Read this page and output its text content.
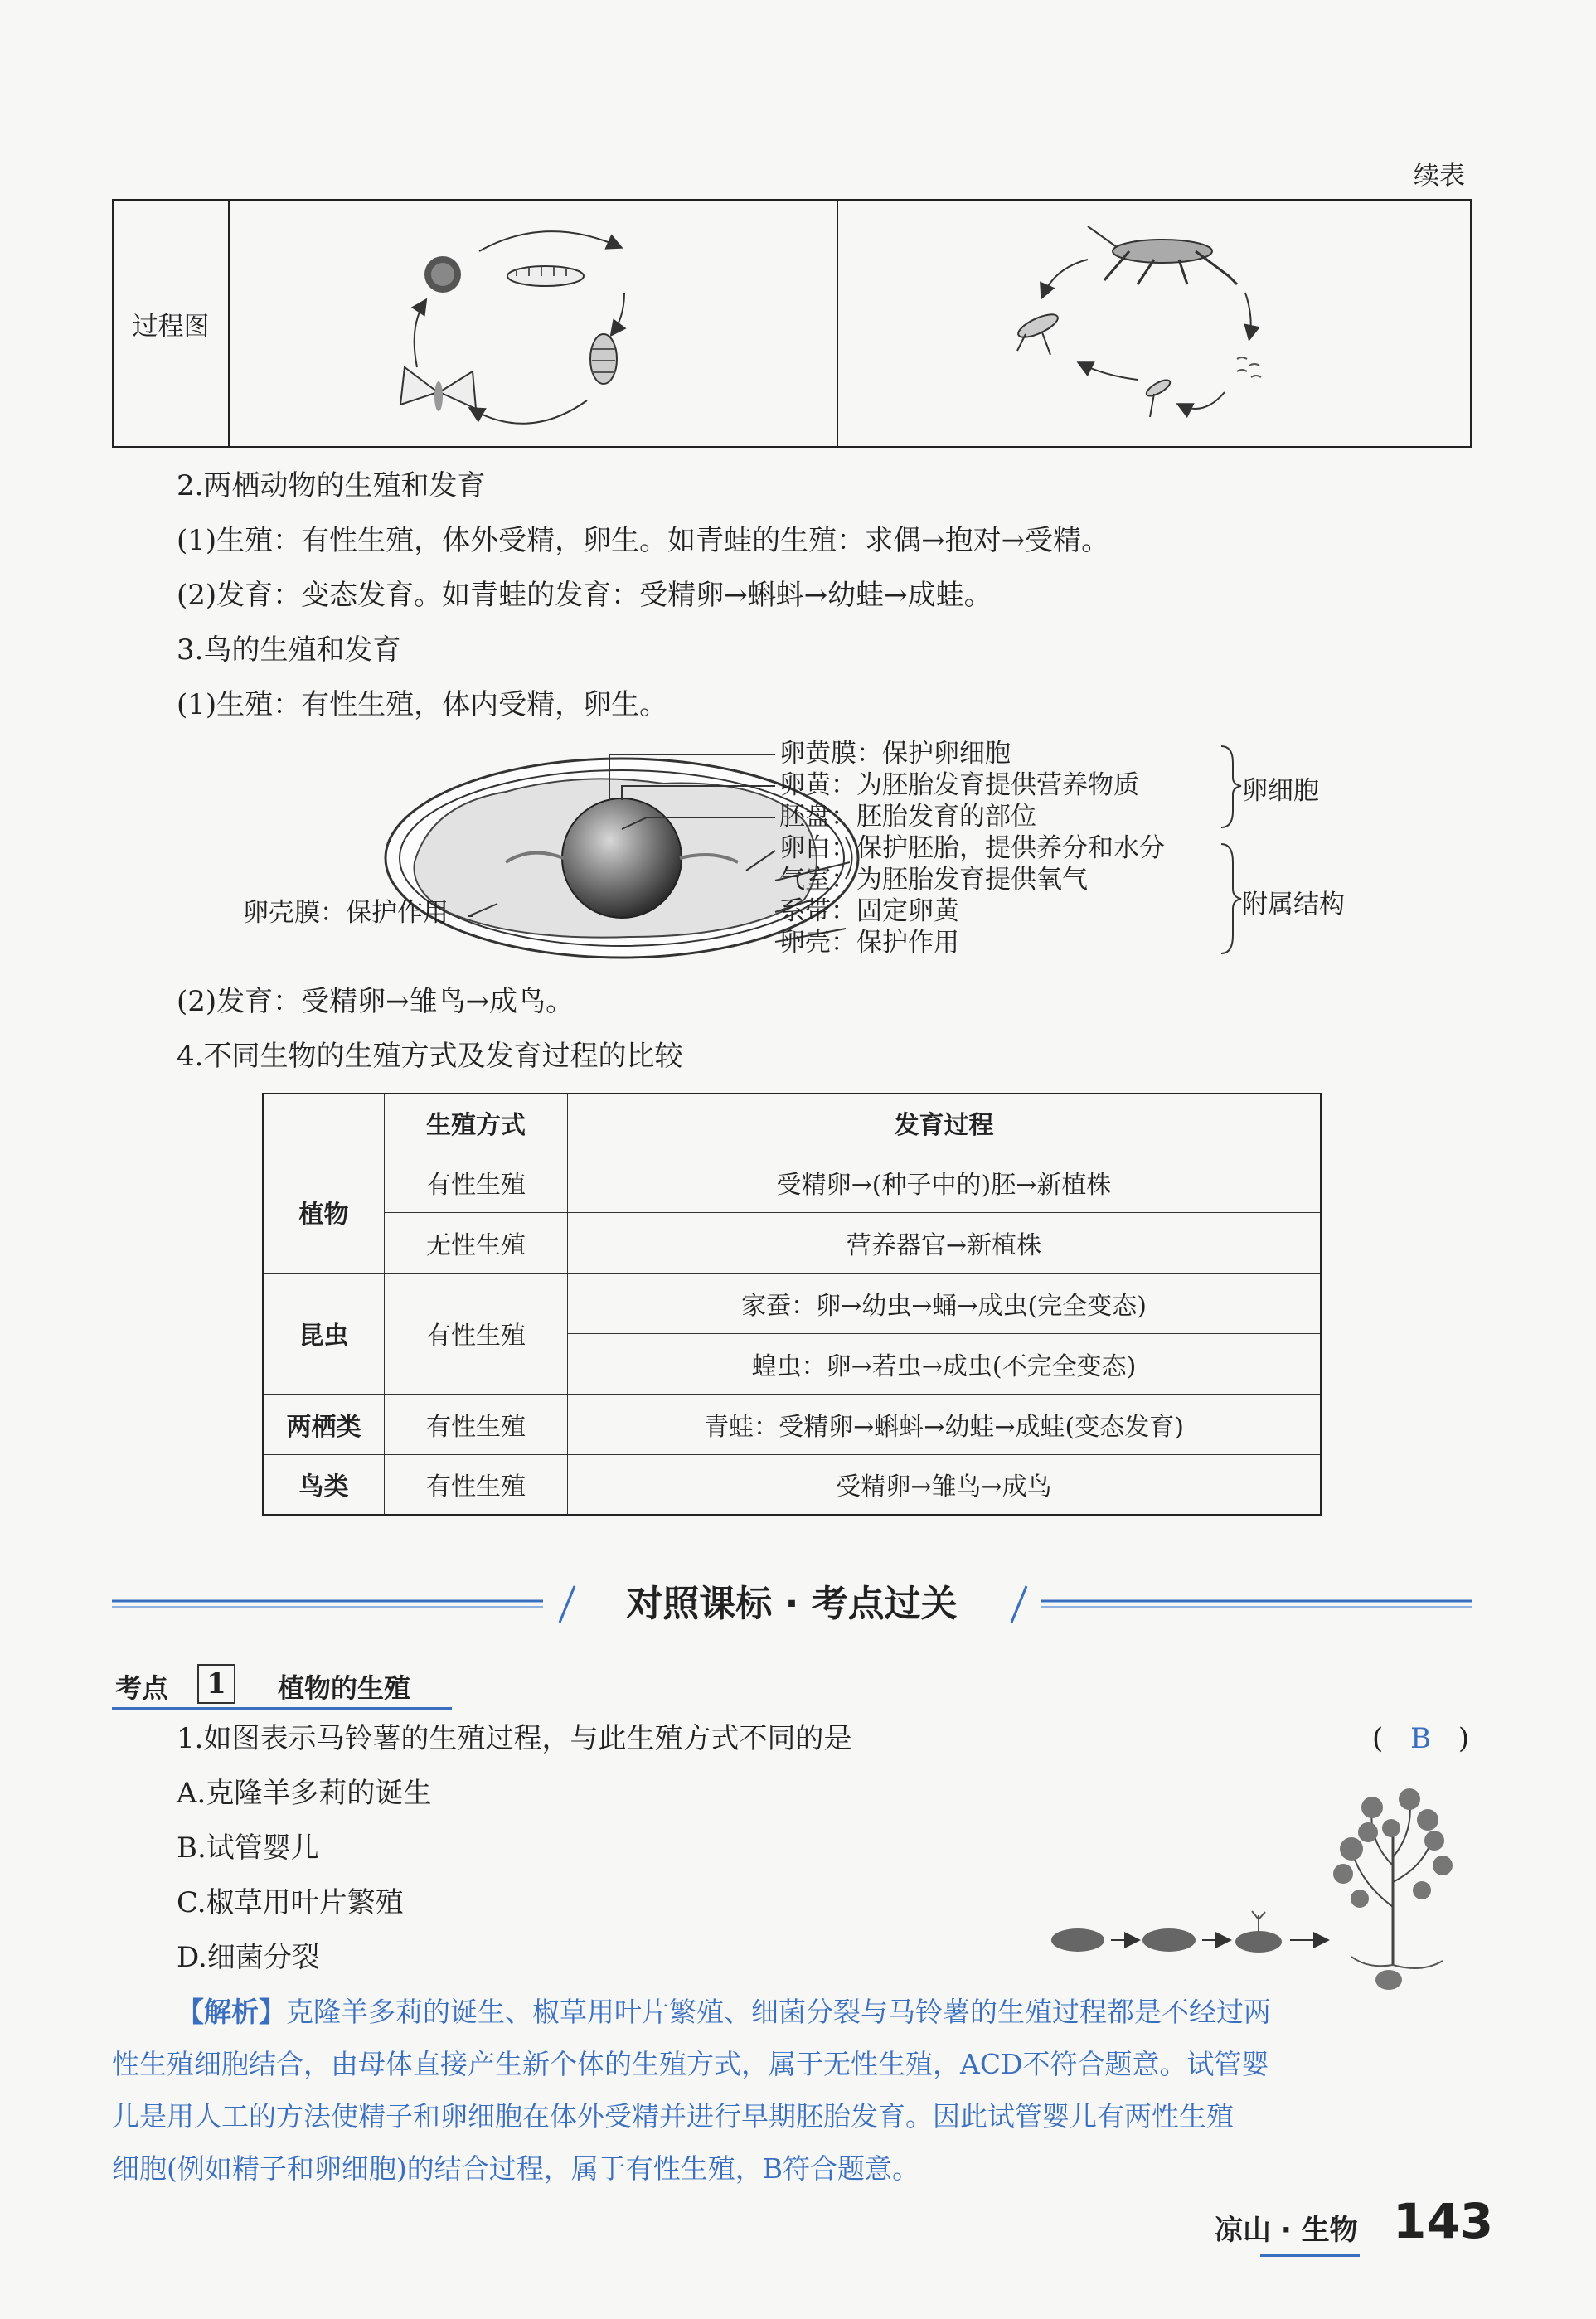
续表
过程图		
2.两栖动物的生殖和发育
(1)生殖：有性生殖，体外受精，卵生。如青蛙的生殖：求偶→抱对→受精。
(2)发育：变态发育。如青蛙的发育：受精卵→蝌蚪→幼蛙→成蛙。
3.鸟的生殖和发育
(1)生殖：有性生殖，体内受精，卵生。
卵壳膜：保护作用
卵黄膜：保护卵细胞
卵黄：为胚胎发育提供营养物质
胚盘：胚胎发育的部位
卵白：保护胚胎，提供养分和水分
气室：为胚胎发育提供氧气
系带：固定卵黄
卵壳：保护作用
卵细胞
附属结构
(2)发育：受精卵→雏鸟→成鸟。
4.不同生物的生殖方式及发育过程的比较
	生殖方式	发育过程
植物	有性生殖	受精卵→(种子中的)胚→新植株
	无性生殖	营养器官→新植株
昆虫	有性生殖	家蚕：卵→幼虫→蛹→成虫(完全变态)
		蝗虫：卵→若虫→成虫(不完全变态)
两栖类	有性生殖	青蛙：受精卵→蝌蚪→幼蛙→成蛙(变态发育)
鸟类	有性生殖	受精卵→雏鸟→成鸟
对照课标 · 考点过关
考点	1	植物的生殖
1.如图表示马铃薯的生殖过程，与此生殖方式不同的是	( B )
A.克隆羊多莉的诞生
B.试管婴儿
C.椒草用叶片繁殖
D.细菌分裂
【解析】克隆羊多莉的诞生、椒草用叶片繁殖、细菌分裂与马铃薯的生殖过程都是不经过两
性生殖细胞结合，由母体直接产生新个体的生殖方式，属于无性生殖，ACD不符合题意。试管婴
儿是用人工的方法使精子和卵细胞在体外受精并进行早期胚胎发育。因此试管婴儿有两性生殖
细胞(例如精子和卵细胞)的结合过程，属于有性生殖，B符合题意。
凉山 · 生物 143
